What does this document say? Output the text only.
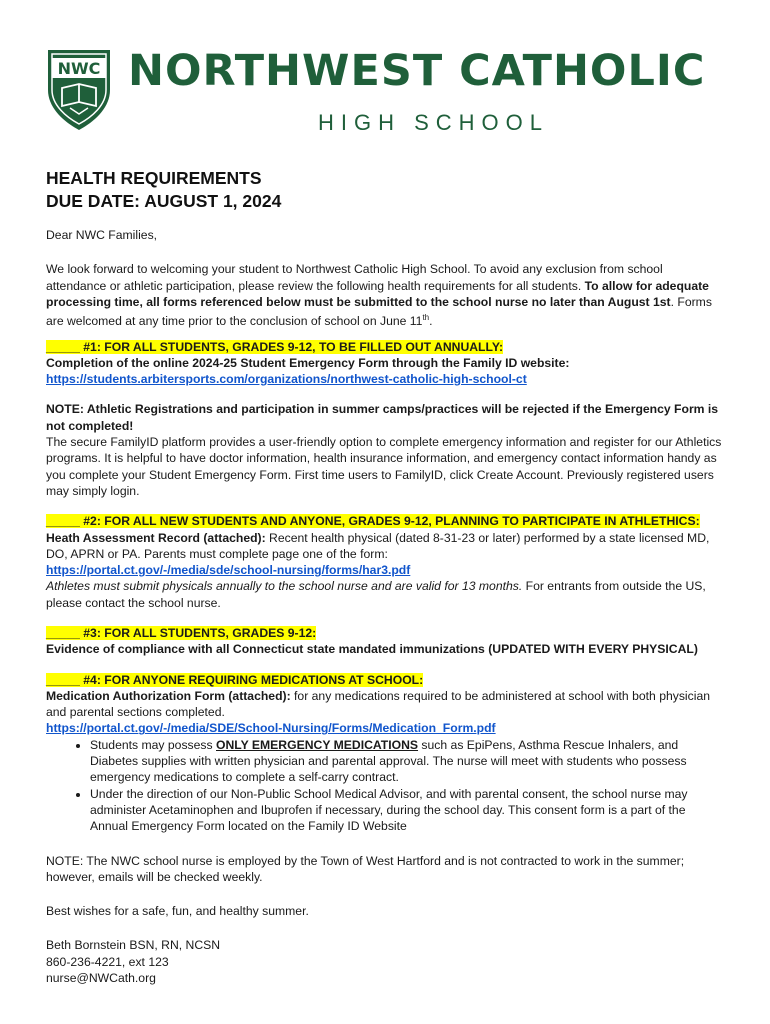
NWC NORTHWEST CATHOLIC
HIGH SCHOOL
HEALTH REQUIREMENTS
DUE DATE: AUGUST 1, 2024

Dear NWC Families,

We look forward to welcoming your student to Northwest Catholic High School. To avoid any exclusion from school attendance or athletic participation, please review the following health requirements for all students. To allow for adequate processing time, all forms referenced below must be submitted to the school nurse no later than August 1st. Forms are welcomed at any time prior to the conclusion of school on June 11th.

_____ #1: FOR ALL STUDENTS, GRADES 9-12, TO BE FILLED OUT ANNUALLY:
Completion of the online 2024-25 Student Emergency Form through the Family ID website:
https://students.arbitersports.com/organizations/northwest-catholic-high-school-ct

NOTE: Athletic Registrations and participation in summer camps/practices will be rejected if the Emergency Form is not completed!
The secure FamilyID platform provides a user-friendly option to complete emergency information and register for our Athletics programs. It is helpful to have doctor information, health insurance information, and emergency contact information handy as you complete your Student Emergency Form. First time users to FamilyID, click Create Account. Previously registered users may simply login.

_____ #2: FOR ALL NEW STUDENTS AND ANYONE, GRADES 9-12, PLANNING TO PARTICIPATE IN ATHLETHICS:
Heath Assessment Record (attached): Recent health physical (dated 8-31-23 or later) performed by a state licensed MD, DO, APRN or PA. Parents must complete page one of the form:
https://portal.ct.gov/-/media/sde/school-nursing/forms/har3.pdf
Athletes must submit physicals annually to the school nurse and are valid for 13 months. For entrants from outside the US, please contact the school nurse.

_____ #3: FOR ALL STUDENTS, GRADES 9-12:
Evidence of compliance with all Connecticut state mandated immunizations (UPDATED WITH EVERY PHYSICAL)

_____ #4: FOR ANYONE REQUIRING MEDICATIONS AT SCHOOL:
Medication Authorization Form (attached): for any medications required to be administered at school with both physician and parental sections completed.
https://portal.ct.gov/-/media/SDE/School-Nursing/Forms/Medication_Form.pdf

• Students may possess ONLY EMERGENCY MEDICATIONS such as EpiPens, Asthma Rescue Inhalers, and Diabetes supplies with written physician and parental approval. The nurse will meet with students who possess emergency medications to complete a self-carry contract.
• Under the direction of our Non-Public School Medical Advisor, and with parental consent, the school nurse may administer Acetaminophen and Ibuprofen if necessary, during the school day. This consent form is a part of the Annual Emergency Form located on the Family ID Website

NOTE: The NWC school nurse is employed by the Town of West Hartford and is not contracted to work in the summer; however, emails will be checked weekly.

Best wishes for a safe, fun, and healthy summer.

Beth Bornstein BSN, RN, NCSN
860-236-4221, ext 123
nurse@NWCath.org
